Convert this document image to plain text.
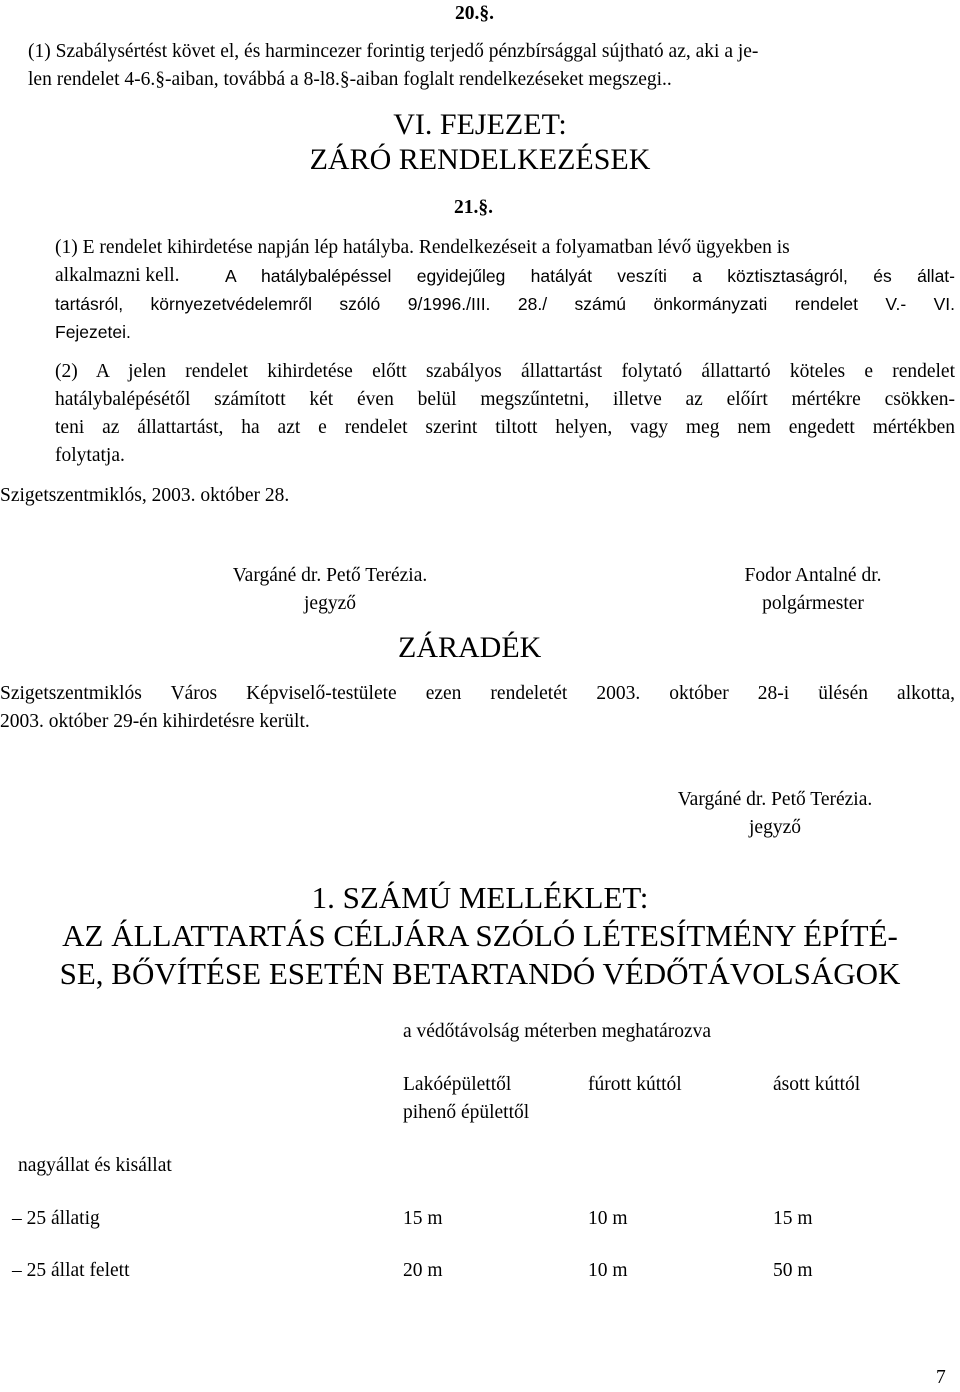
20.§.
(1) Szabálysértést követ el, és harmincezer forintig terjedő pénzbírsággal sújtható az, aki a je-
len rendelet 4-6.§-aiban, továbbá a 8-l8.§-aiban foglalt rendelkezéseket megszegi..
VI. FEJEZET:
ZÁRÓ RENDELKEZÉSEK
21.§.
(1) E rendelet kihirdetése napján lép hatályba. Rendelkezéseit a folyamatban lévő ügyekben is
alkalmazni kell.	A hatálybalépéssel egyidejűleg hatályát veszíti a köztisztaságról, és állat-
tartásról, környezetvédelemről szóló 9/1996./III. 28./ számú önkormányzati rendelet V.- VI.
Fejezetei.
(2) A jelen rendelet kihirdetése előtt szabályos állattartást folytató állattartó köteles e rendelet
hatálybalépésétől számított két éven belül megszűntetni, illetve az előírt mértékre csökken-
teni az állattartást, ha azt e rendelet szerint tiltott helyen, vagy meg nem engedett mértékben
folytatja.
Szigetszentmiklós, 2003. október 28.
Vargáné dr. Pető Terézia.
jegyző
Fodor Antalné dr.
polgármester
ZÁRADÉK
Szigetszentmiklós Város Képviselő-testülete ezen rendeletét 2003. október 28-i ülésén alkotta,
2003. október 29-én kihirdetésre került.
Vargáné dr. Pető Terézia.
jegyző
1. SZÁMÚ MELLÉKLET:
AZ ÁLLATTARTÁS CÉLJÁRA SZÓLÓ LÉTESÍTMÉNY ÉPÍTÉ-
SE, BŐVÍTÉSE ESETÉN BETARTANDÓ VÉDŐTÁVOLSÁGOK
a védőtávolság méterben meghatározva
Lakóépülettől
pihenő épülettől
fúrott kúttól	ásott kúttól
nagyállat és kisállat
– 25 állatig	15 m	10 m	15 m
– 25 állat felett	20 m	10 m	50 m
7
